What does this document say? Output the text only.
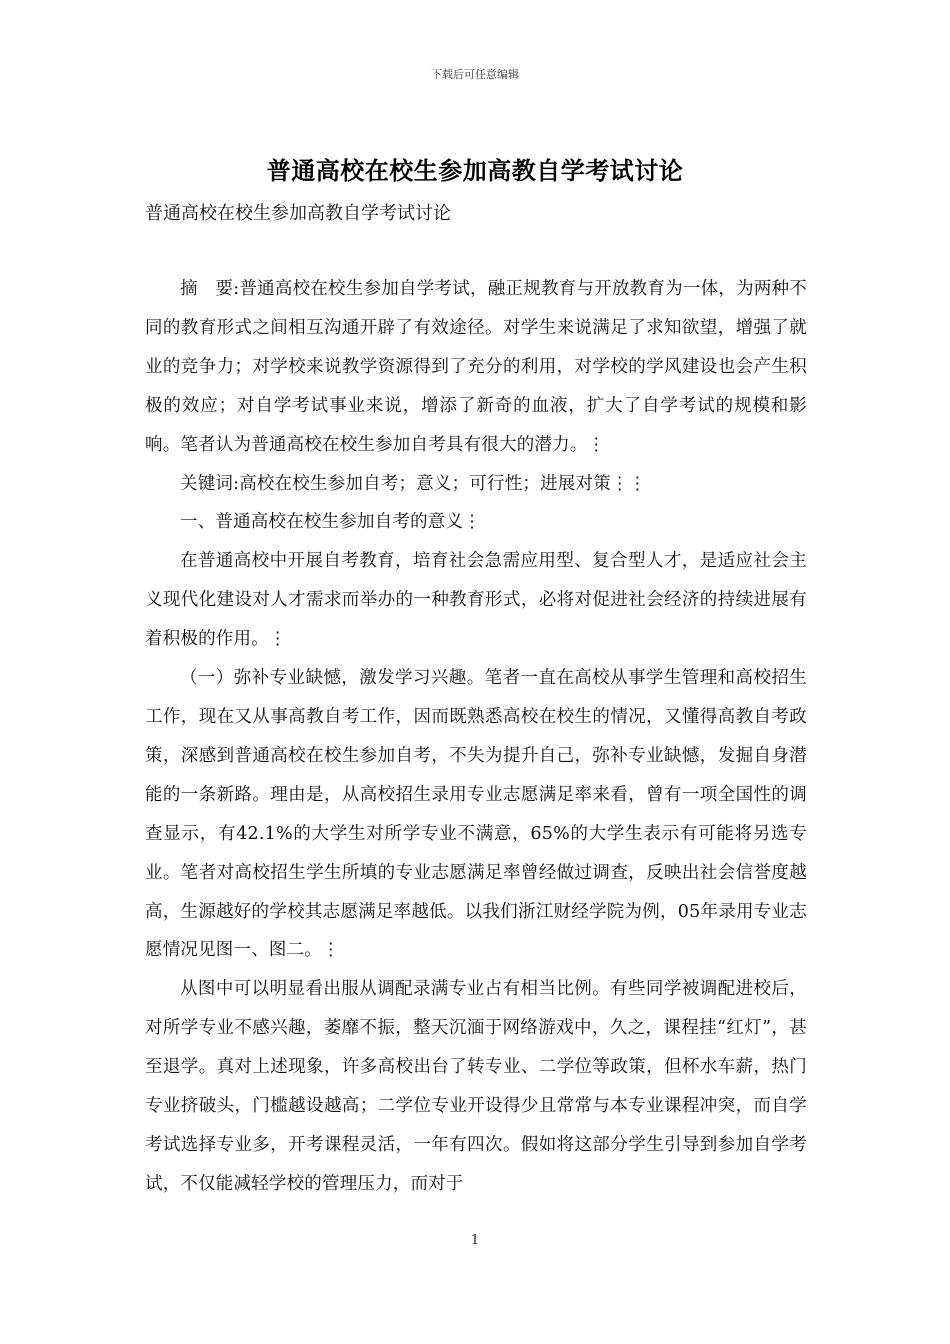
下载后可任意编辑
普通高校在校生参加高教自学考试讨论
普通高校在校生参加高教自学考试讨论

摘　要:普通高校在校生参加自学考试，融正规教育与开放教育为一体，为两种不同的教育形式之间相互沟通开辟了有效途径。对学生来说满足了求知欲望，增强了就业的竞争力；对学校来说教学资源得到了充分的利用，对学校的学风建设也会产生积极的效应；对自学考试事业来说，增添了新奇的血液，扩大了自学考试的规模和影响。笔者认为普通高校在校生参加自考具有很大的潜力。⋮

关键词:高校在校生参加自考；意义；可行性；进展对策⋮⋮

一、普通高校在校生参加自考的意义⋮

在普通高校中开展自考教育，培育社会急需应用型、复合型人才，是适应社会主义现代化建设对人才需求而举办的一种教育形式，必将对促进社会经济的持续进展有着积极的作用。⋮

（一）弥补专业缺憾，激发学习兴趣。笔者一直在高校从事学生管理和高校招生工作，现在又从事高教自考工作，因而既熟悉高校在校生的情况，又懂得高教自考政策，深感到普通高校在校生参加自考，不失为提升自己，弥补专业缺憾，发掘自身潜能的一条新路。理由是，从高校招生录用专业志愿满足率来看，曾有一项全国性的调查显示，有42.1%的大学生对所学专业不满意，65%的大学生表示有可能将另选专业。笔者对高校招生学生所填的专业志愿满足率曾经做过调查，反映出社会信誉度越高，生源越好的学校其志愿满足率越低。以我们浙江财经学院为例，05年录用专业志愿情况见图一、图二。⋮

从图中可以明显看出服从调配录满专业占有相当比例。有些同学被调配进校后，对所学专业不感兴趣，萎靡不振，整天沉湎于网络游戏中，久之，课程挂“红灯”，甚至退学。真对上述现象，许多高校出台了转专业、二学位等政策，但杯水车薪，热门专业挤破头，门槛越设越高；二学位专业开设得少且常常与本专业课程冲突，而自学考试选择专业多，开考课程灵活，一年有四次。假如将这部分学生引导到参加自学考试，不仅能减轻学校的管理压力，而对于

1
